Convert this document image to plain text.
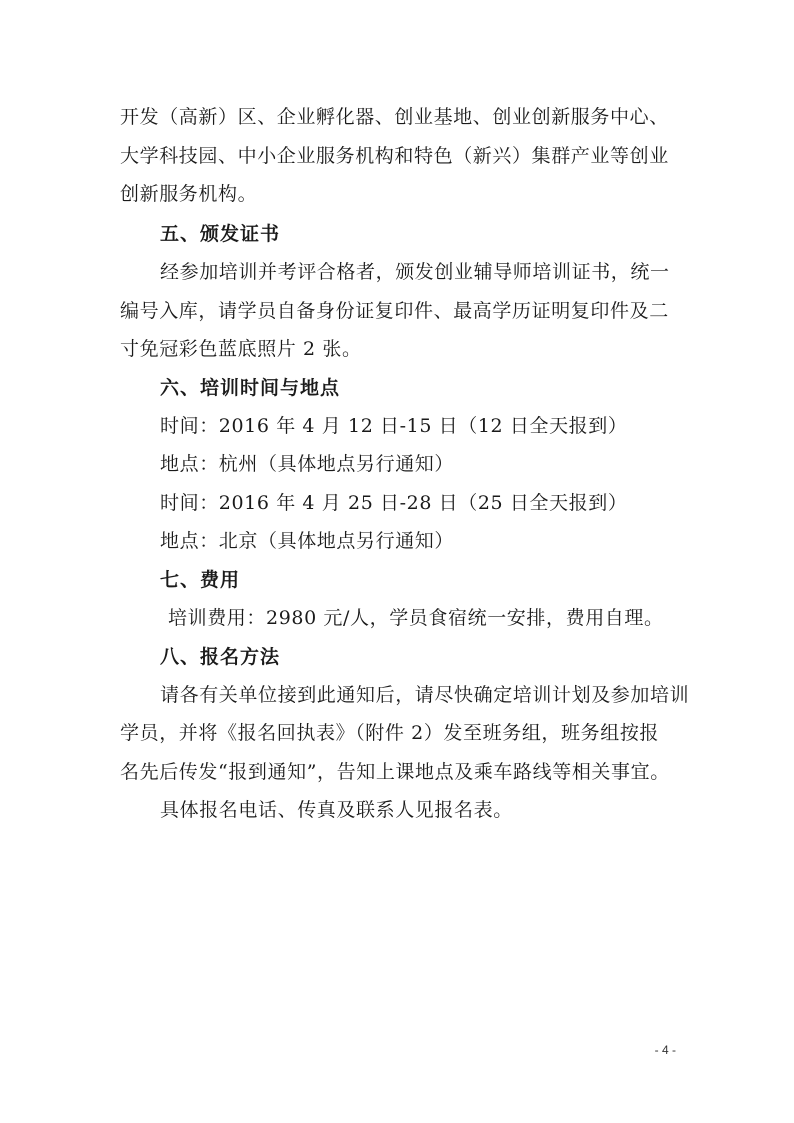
开发（高新）区、企业孵化器、创业基地、创业创新服务中心、
大学科技园、中小企业服务机构和特色（新兴）集群产业等创业
创新服务机构。
五、颁发证书
经参加培训并考评合格者，颁发创业辅导师培训证书，统一
编号入库，请学员自备身份证复印件、最高学历证明复印件及二
寸免冠彩色蓝底照片 2 张。
六、培训时间与地点
时间：2016 年 4 月 12 日-15 日（12 日全天报到）
地点：杭州（具体地点另行通知）
时间：2016 年 4 月 25 日-28 日（25 日全天报到）
地点：北京（具体地点另行通知）
七、费用
培训费用：2980 元/人，学员食宿统一安排，费用自理。
八、报名方法
请各有关单位接到此通知后，请尽快确定培训计划及参加培训
学员，并将《报名回执表》（附件 2）发至班务组，班务组按报
名先后传发“报到通知”，告知上课地点及乘车路线等相关事宜。
具体报名电话、传真及联系人见报名表。
- 4 -
